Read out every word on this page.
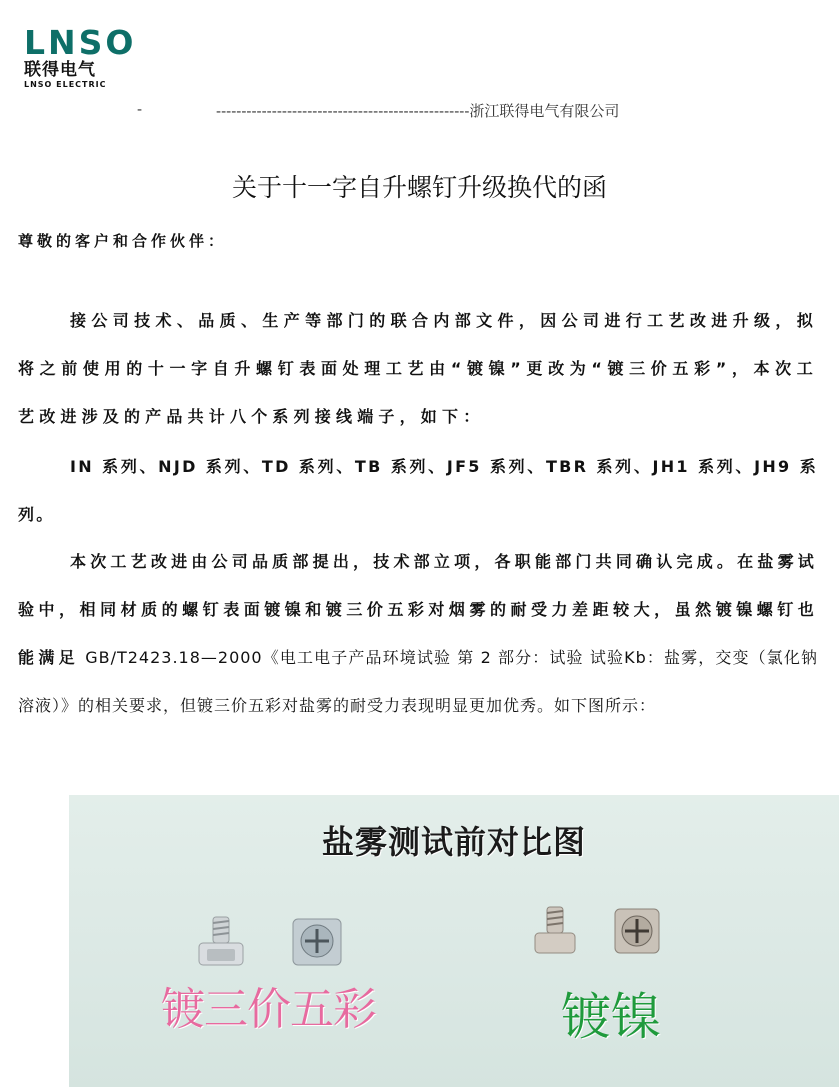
LNSO
联得电气
LNSO ELECTRIC
-	--------------------------------------------------浙江联得电气有限公司
关于十一字自升螺钉升级换代的函
尊敬的客户和合作伙伴：
接公司技术、品质、生产等部门的联合内部文件，因公司进行工艺改进升级，拟将之前使用的十一字自升螺钉表面处理工艺由“镀镍”更改为“镀三价五彩”，本次工艺改进涉及的产品共计八个系列接线端子，如下：
IN 系列、NJD 系列、TD 系列、TB 系列、JF5 系列、TBR 系列、JH1 系列、JH9 系列。
本次工艺改进由公司品质部提出，技术部立项，各职能部门共同确认完成。在盐雾试验中，相同材质的螺钉表面镀镍和镀三价五彩对烟雾的耐受力差距较大，虽然镀镍螺钉也能满足 GB/T2423.18—2000《电工电子产品环境试验 第 2 部分：试验 试验Kb：盐雾，交变（氯化钠溶液）》的相关要求，但镀三价五彩对盐雾的耐受力表现明显更加优秀。如下图所示：
盐雾测试前对比图
镀三价五彩	镀镍
